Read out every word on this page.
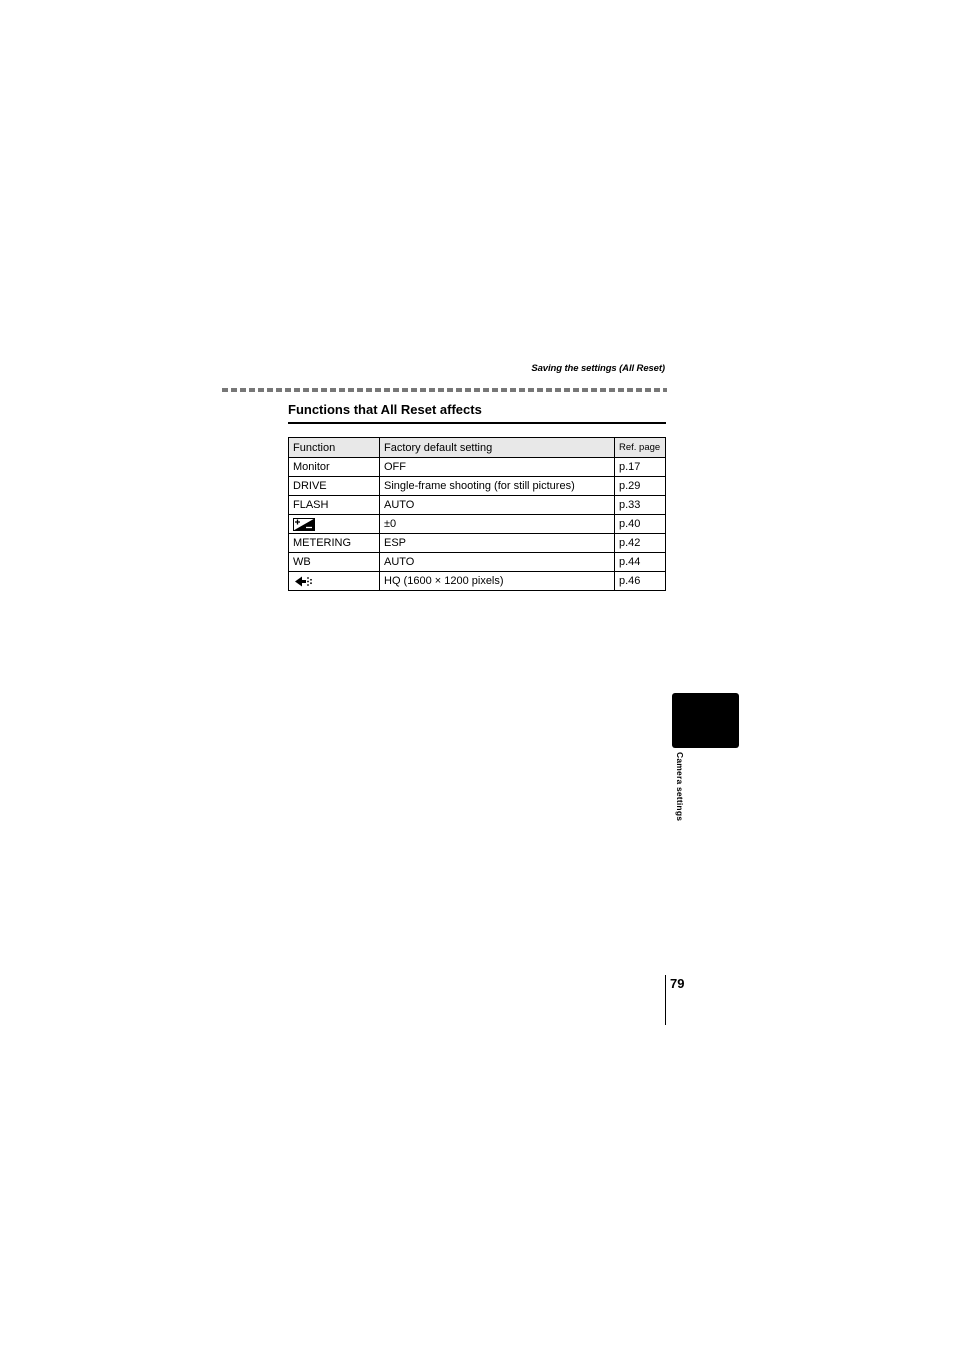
Saving the settings (All Reset)
Functions that All Reset affects
Function	Factory default setting	Ref. page
Monitor	OFF	p.17
DRIVE	Single-frame shooting (for still pictures)	p.29
FLASH	AUTO	p.33

	±0	p.40
METERING	ESP	p.42
WB	AUTO	p.44

	HQ (1600 × 1200 pixels)	p.46
Camera settings
79
